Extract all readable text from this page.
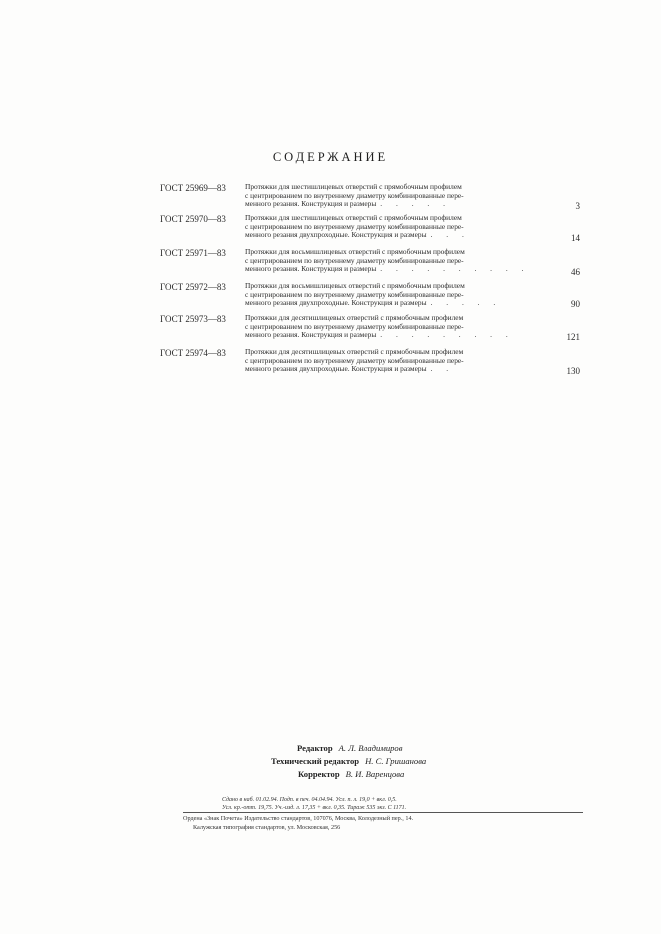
СОДЕРЖАНИЕ
ГОСТ 25969—83	Протяжки для шестишлицевых отверстий с прямобочным профилем
с центрированием по внутреннему диаметру комбинированные пере-
менного резания. Конструкция и размеры . . . . .	3
ГОСТ 25970—83	Протяжки для шестишлицевых отверстий с прямобочным профилем
с центрированием по внутреннему диаметру комбинированные пере-
менного резания двухпроходные. Конструкция и размеры . . .	14
ГОСТ 25971—83	Протяжки для восьмишлицевых отверстий с прямобочным профилем
с центрированием по внутреннему диаметру комбинированные пере-
менного резания. Конструкция и размеры . . . . . . . . . .	46
ГОСТ 25972—83	Протяжки для восьмишлицевых отверстий с прямобочным профилем
с центрированием по внутреннему диаметру комбинированные пере-
менного резания двухпроходные. Конструкция и размеры . . . . .	90
ГОСТ 25973—83	Протяжки для десятишлицевых отверстий с прямобочным профилем
с центрированием по внутреннему диаметру комбинированные пере-
менного резания. Конструкция и размеры . . . . . . . . .	121
ГОСТ 25974—83	Протяжки для десятишлицевых отверстий с прямобочным профилем
с центрированием по внутреннему диаметру комбинированные пере-
менного резания двухпроходные. Конструкция и размеры . .	130
Редактор А. Л. Владимиров
Технический редактор Н. С. Гришанова
Корректор В. И. Варенцова
Сдано в наб. 01.02.94. Подп. в печ. 04.04.94. Усл. п. л. 19,0 + вкл. 0,5.
Усл. кр.-отт. 19,75. Уч.-изд. л. 17,35 + вкл. 0,35. Тираж 535 экз. С 1171.
Ордена «Знак Почета» Издательство стандартов, 107076, Москва, Колодезный пер., 14.
Калужская типография стандартов, ул. Московская, 256
